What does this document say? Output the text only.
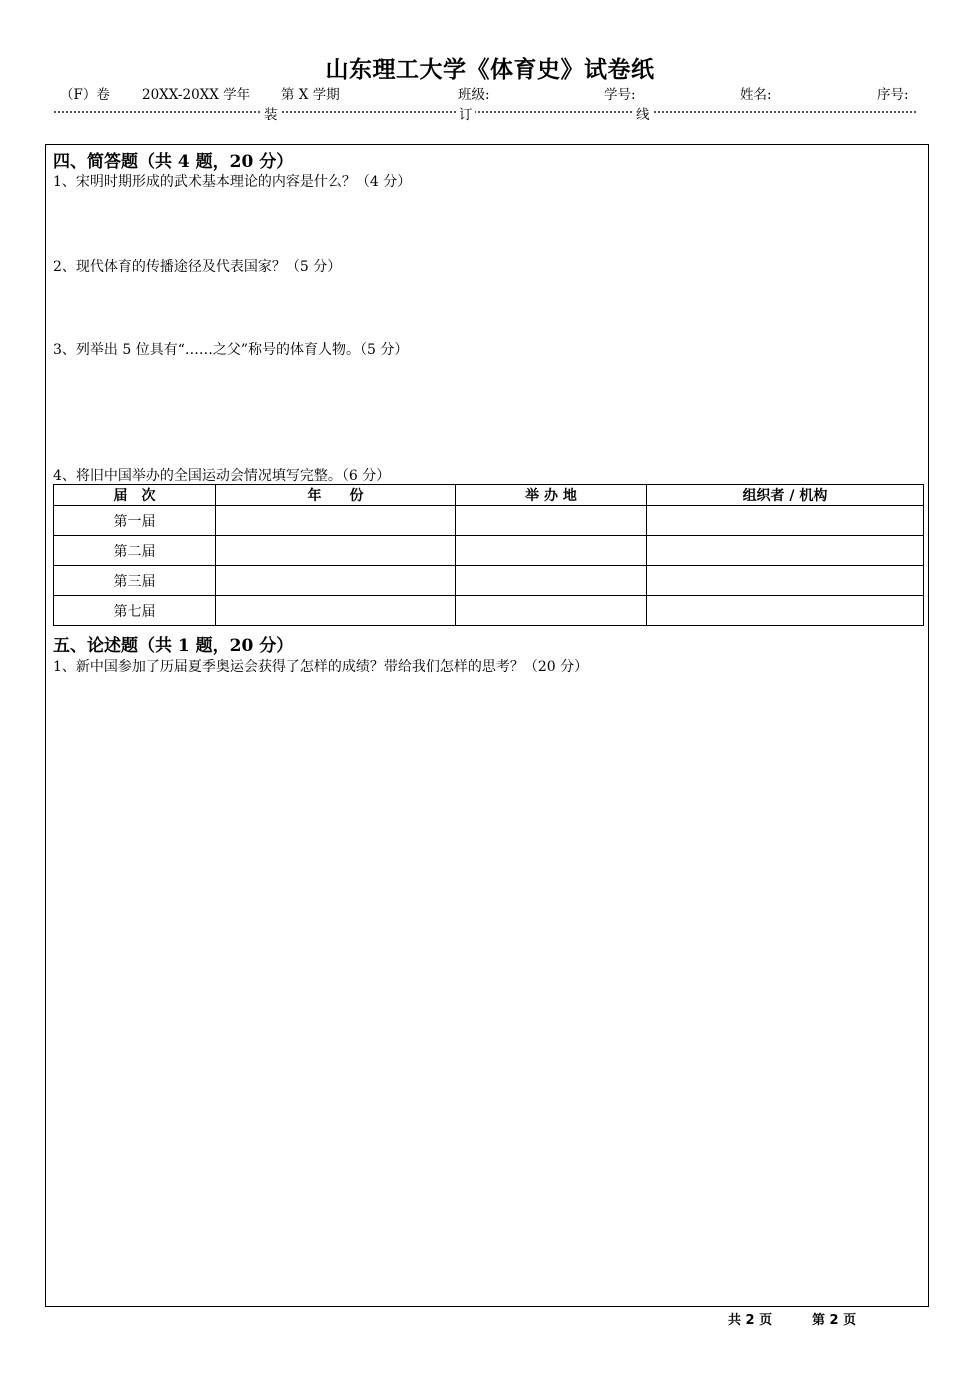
山东理工大学《体育史》试卷纸
（F）卷 20XX-20XX 学年 第 X 学期	班级:	学号:	姓名:	序号:
装	订	线
四、简答题（共 4 题，20 分）
1、宋明时期形成的武术基本理论的内容是什么？（4 分）
2、现代体育的传播途径及代表国家？（5 分）
3、列举出 5 位具有“……之父”称号的体育人物。（5 分）
4、将旧中国举办的全国运动会情况填写完整。（6 分）
届　次	年　　份	举 办 地	组织者 / 机构
第一届			
第二届			
第三届			
第七届			
五、论述题（共 1 题，20 分）
1、新中国参加了历届夏季奥运会获得了怎样的成绩？带给我们怎样的思考？（20 分）
共 2 页	第 2 页
